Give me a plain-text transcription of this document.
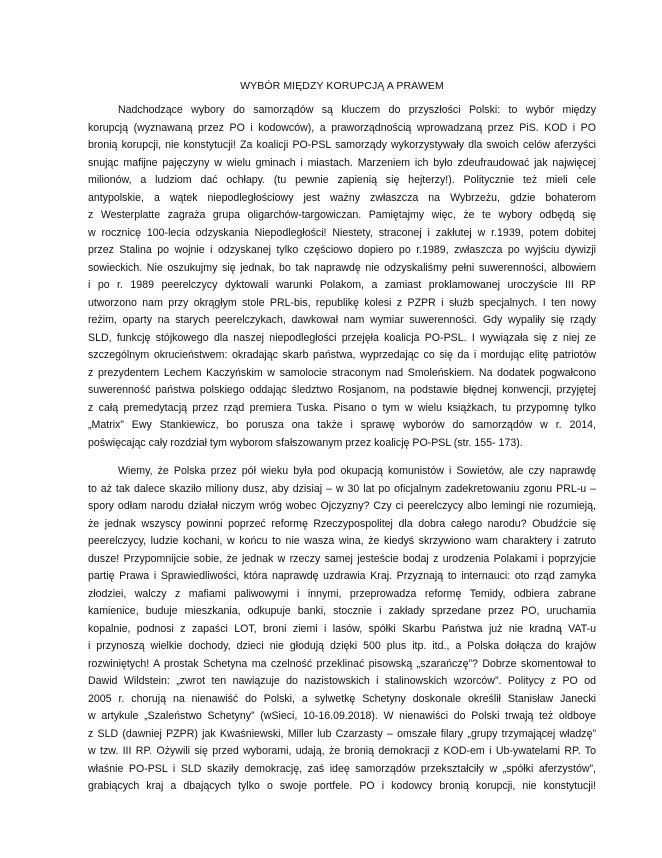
WYBÓR MIĘDZY KORUPCJĄ A PRAWEM
Nadchodzące wybory do samorządów są kluczem do przyszłości Polski: to wybór między
korupcją (wyznawaną przez PO i kodowców), a praworządnością wprowadzaną przez PiS. KOD i PO
bronią korupcji, nie konstytucji! Za koalicji PO-PSL samorządy wykorzystywały dla swoich celów aferzyści
snując mafijne pajęczyny w wielu gminach i miastach. Marzeniem ich było zdeufraudować jak najwięcej
milionów, a ludziom dać ochłapy. (tu pewnie zapienią się hejterzy!). Politycznie też mieli cele
antypolskie, a wątek niepodległościowy jest ważny zwłaszcza na Wybrzeżu, gdzie bohaterom
z Westerplatte zagraża grupa oligarchów-targowiczan. Pamiętajmy więc, że te wybory odbędą się
w rocznicę 100-lecia odzyskania Niepodległości! Niestety, straconej i zakłutej w r.1939, potem dobitej
przez Stalina po wojnie i odzyskanej tylko częściowo dopiero po r.1989, zwłaszcza po wyjściu dywizji
sowieckich. Nie oszukujmy się jednak, bo tak naprawdę nie odzyskaliśmy pełni suwerenności, albowiem
i po r. 1989 peerelczycy dyktowali warunki Polakom, a zamiast proklamowanej uroczyście III RP
utworzono nam przy okrągłym stole PRL-bis, republikę kolesi z PZPR i służb specjalnych. I ten nowy
reżim, oparty na starych peerelczykach, dawkował nam wymiar suwerenności. Gdy wypaliły się rządy
SLD, funkcję stójkowego dla naszej niepodległości przejęła koalicja PO-PSL. I wywiązała się z niej ze
szczególnym okrucieństwem: okradając skarb państwa, wyprzedając co się da i mordując elitę patriotów
z prezydentem Lechem Kaczyńskim w samolocie straconym nad Smoleńskiem. Na dodatek pogwałcono
suwerenność państwa polskiego oddając śledztwo Rosjanom, na podstawie błędnej konwencji, przyjętej
z całą premedytacją przez rząd premiera Tuska. Pisano o tym w wielu książkach, tu przypomnę tylko
„Matrix” Ewy Stankiewicz, bo porusza ona także i sprawę wyborów do samorządów w r. 2014,
poświęcając cały rozdział tym wyborom sfałszowanym przez koalicję PO-PSL (str. 155- 173).
Wiemy, że Polska przez pół wieku była pod okupacją komunistów i Sowietów, ale czy naprawdę
to aż tak dalece skaziło miliony dusz, aby dzisiaj – w 30 lat po oficjalnym zadekretowaniu zgonu PRL-u –
spory odłam narodu działał niczym wróg wobec Ojczyzny? Czy ci peerelczycy albo lemingi nie rozumieją,
że jednak wszyscy powinni poprzeć reformę Rzeczypospolitej dla dobra całego narodu? Obudźcie się
peerelczycy, ludzie kochani, w końcu to nie wasza wina, że kiedyś skrzywiono wam charaktery i zatruto
dusze! Przypomnijcie sobie, że jednak w rzeczy samej jesteście bodaj z urodzenia Polakami i poprzyjcie
partię Prawa i Sprawiedliwości, która naprawdę uzdrawia Kraj. Przyznają to internauci: oto rząd zamyka
złodziei, walczy z mafiami paliwowymi i innymi, przeprowadza reformę Temidy, odbiera zabrane
kamienice, buduje mieszkania, odkupuje banki, stocznie i zakłady sprzedane przez PO, uruchamia
kopalnie, podnosi z zapaści LOT, broni ziemi i lasów, spółki Skarbu Państwa już nie kradną VAT-u
i przynoszą wielkie dochody, dzieci nie głodują dzięki 500 plus itp. itd., a Polska dołącza do krajów
rozwiniętych! A prostak Schetyna ma czelność przeklinać pisowską „szarańczę”? Dobrze skomentował to
Dawid Wildstein: „zwrot ten nawiązuje do nazistowskich i stalinowskich wzorców”. Politycy z PO od
2005 r. chorują na nienawiść do Polski, a sylwetkę Schetyny doskonale określił Stanisław Janecki
w artykule „Szaleństwo Schetyny” (wSieci, 10-16.09.2018). W nienawiści do Polski trwają też oldboye
z SLD (dawniej PZPR) jak Kwaśniewski, Miller lub Czarzasty – omszałe filary „grupy trzymającej władzę”
w tzw. III RP. Ożywili się przed wyborami, udają, że bronią demokracji z KOD-em i Ub-ywatelami RP. To
właśnie PO-PSL i SLD skaziły demokrację, zaś ideę samorządów przekształciły w „spółki aferzystów”,
grabiących kraj a dbających tylko o swoje portfele. PO i kodowcy bronią korupcji, nie konstytucji!
